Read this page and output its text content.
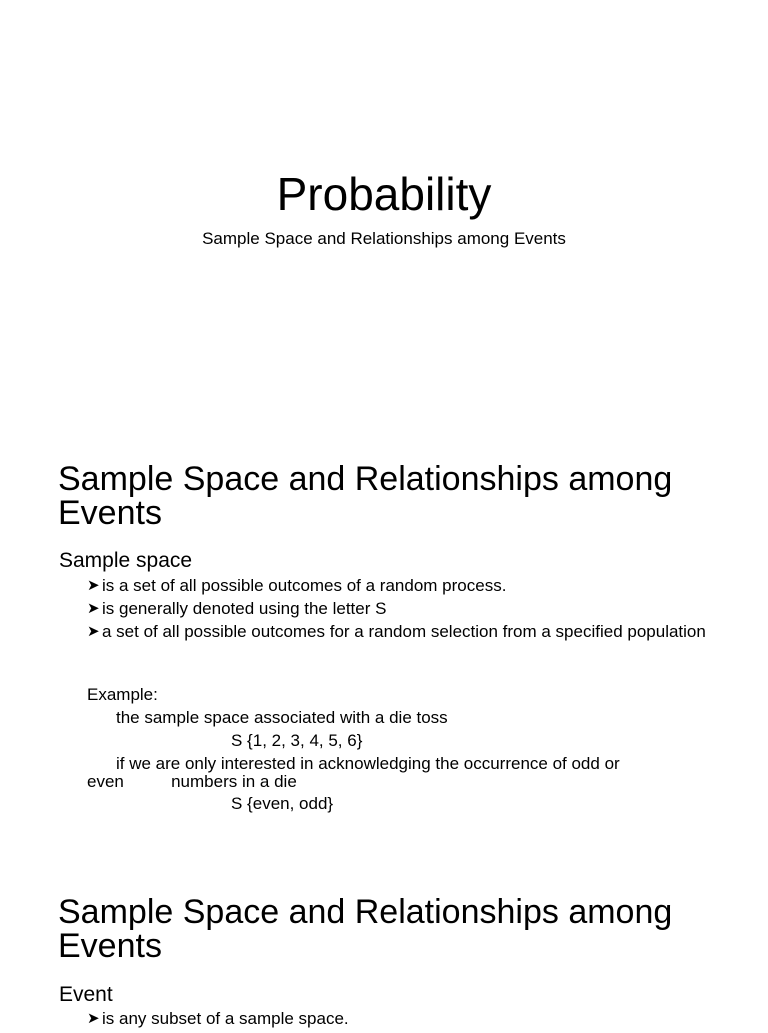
Probability

Sample Space and Relationships among Events

Sample Space and Relationships among Events
Sample space
➤ is a set of all possible outcomes of a random process.
➤ is generally denoted using the letter S
➤ a set of all possible outcomes for a random selection from a specified population
Example:
the sample space associated with a die toss
S {1, 2, 3, 4, 5, 6}
if we are only interested in acknowledging the occurrence of odd or
even          numbers in a die
S {even, odd}
Sample Space and Relationships among Events
Event
➤ is any subset of a sample space.
